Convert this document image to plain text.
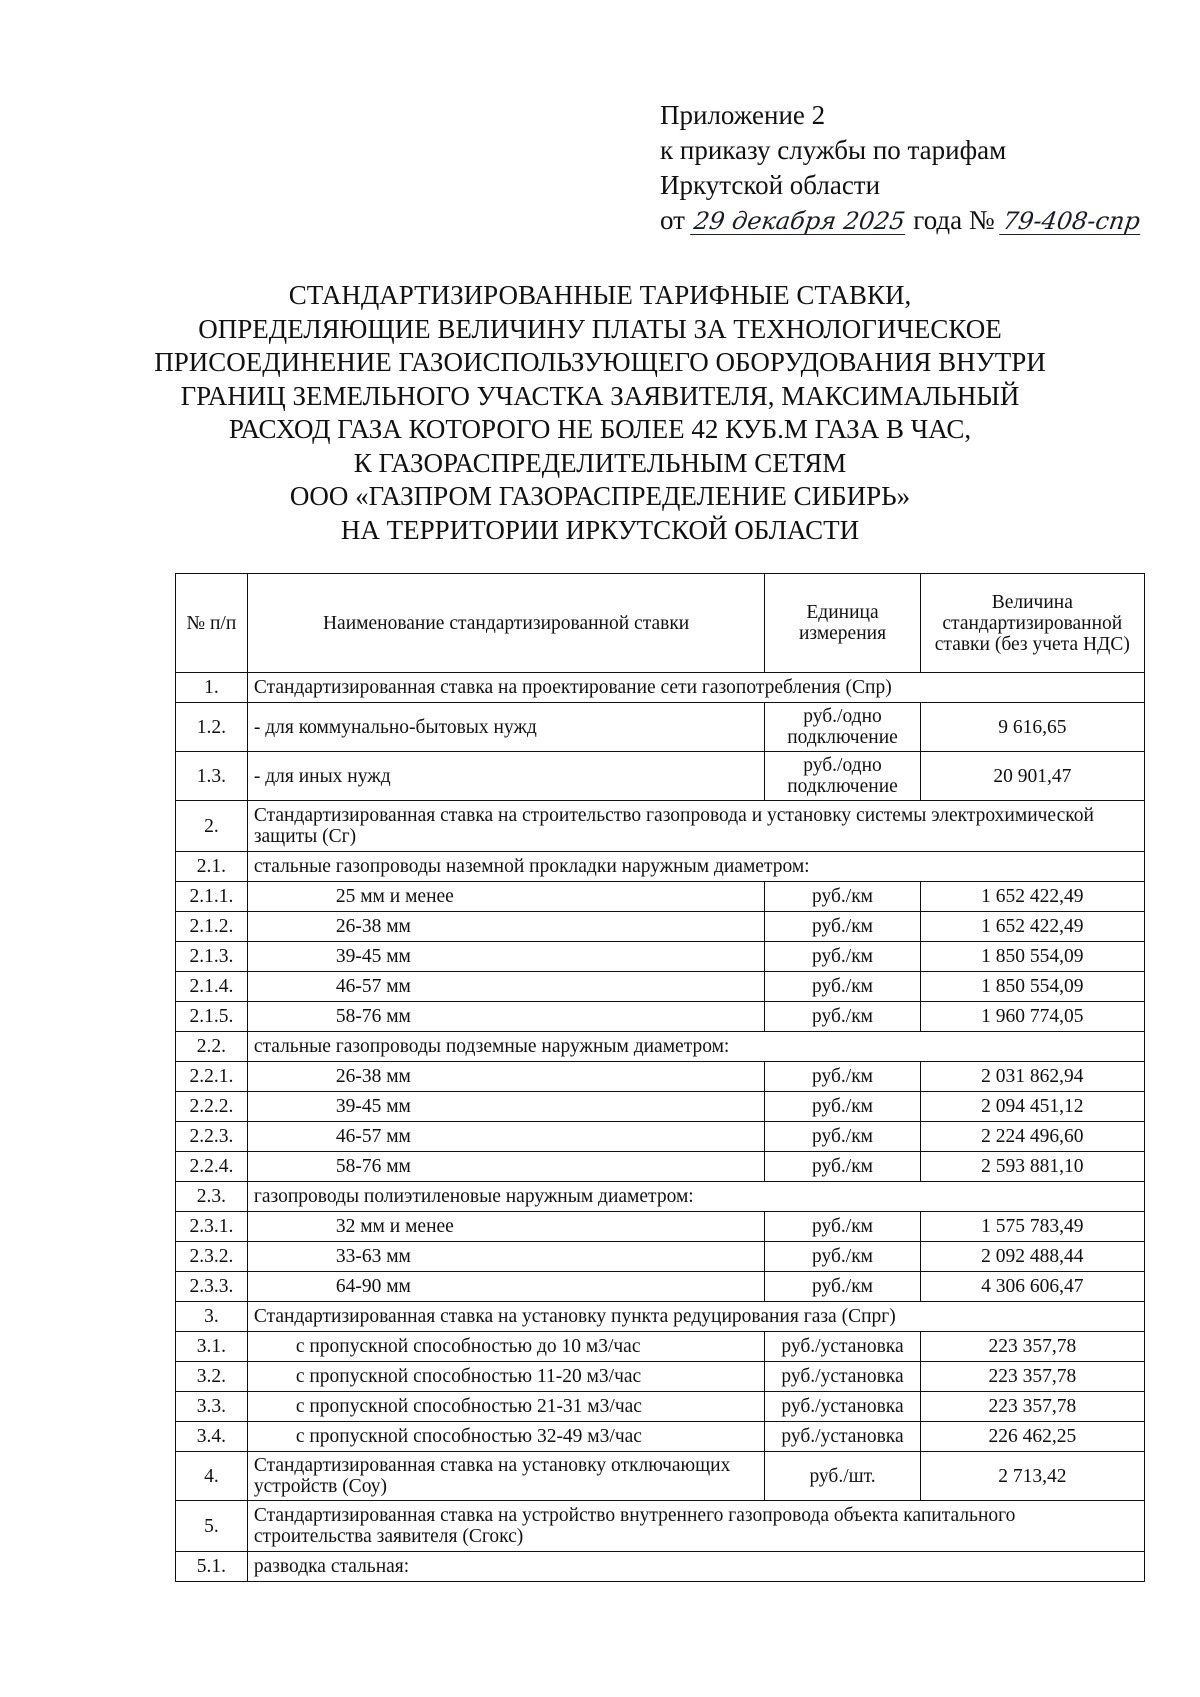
Приложение 2
к приказу службы по тарифам
Иркутской области
от 29 декабря 2025 года № 79-408-спр
СТАНДАРТИЗИРОВАННЫЕ ТАРИФНЫЕ СТАВКИ,
ОПРЕДЕЛЯЮЩИЕ ВЕЛИЧИНУ ПЛАТЫ ЗА ТЕХНОЛОГИЧЕСКОЕ
ПРИСОЕДИНЕНИЕ ГАЗОИСПОЛЬЗУЮЩЕГО ОБОРУДОВАНИЯ ВНУТРИ
ГРАНИЦ ЗЕМЕЛЬНОГО УЧАСТКА ЗАЯВИТЕЛЯ, МАКСИМАЛЬНЫЙ
РАСХОД ГАЗА КОТОРОГО НЕ БОЛЕЕ 42 КУБ.М ГАЗА В ЧАС,
К ГАЗОРАСПРЕДЕЛИТЕЛЬНЫМ СЕТЯМ
ООО «ГАЗПРОМ ГАЗОРАСПРЕДЕЛЕНИЕ СИБИРЬ»
НА ТЕРРИТОРИИ ИРКУТСКОЙ ОБЛАСТИ
№ п/п	Наименование стандартизированной ставки	Единица измерения	Величина стандартизированной ставки (без учета НДС)
1.	Стандартизированная ставка на проектирование сети газопотребления (Спр)		
1.2.	- для коммунально-бытовых нужд	руб./одно подключение	9 616,65
1.3.	- для иных нужд	руб./одно подключение	20 901,47
2.	Стандартизированная ставка на строительство газопровода и установку системы электрохимической защиты (Сг)		
2.1.	стальные газопроводы наземной прокладки наружным диаметром:		
2.1.1.	25 мм и менее	руб./км	1 652 422,49
2.1.2.	26-38 мм	руб./км	1 652 422,49
2.1.3.	39-45 мм	руб./км	1 850 554,09
2.1.4.	46-57 мм	руб./км	1 850 554,09
2.1.5.	58-76 мм	руб./км	1 960 774,05
2.2.	стальные газопроводы подземные наружным диаметром:		
2.2.1.	26-38 мм	руб./км	2 031 862,94
2.2.2.	39-45 мм	руб./км	2 094 451,12
2.2.3.	46-57 мм	руб./км	2 224 496,60
2.2.4.	58-76 мм	руб./км	2 593 881,10
2.3.	газопроводы полиэтиленовые наружным диаметром:		
2.3.1.	32 мм и менее	руб./км	1 575 783,49
2.3.2.	33-63 мм	руб./км	2 092 488,44
2.3.3.	64-90 мм	руб./км	4 306 606,47
3.	Стандартизированная ставка на установку пункта редуцирования газа (Спрг)		
3.1.	с пропускной способностью до 10 м3/час	руб./установка	223 357,78
3.2.	с пропускной способностью 11-20 м3/час	руб./установка	223 357,78
3.3.	с пропускной способностью 21-31 м3/час	руб./установка	223 357,78
3.4.	с пропускной способностью 32-49 м3/час	руб./установка	226 462,25
4.	Стандартизированная ставка на установку отключающих устройств (Соу)	руб./шт.	2 713,42
5.	Стандартизированная ставка на устройство внутреннего газопровода объекта капитального строительства заявителя (Сгокс)		
5.1.	разводка стальная:		
